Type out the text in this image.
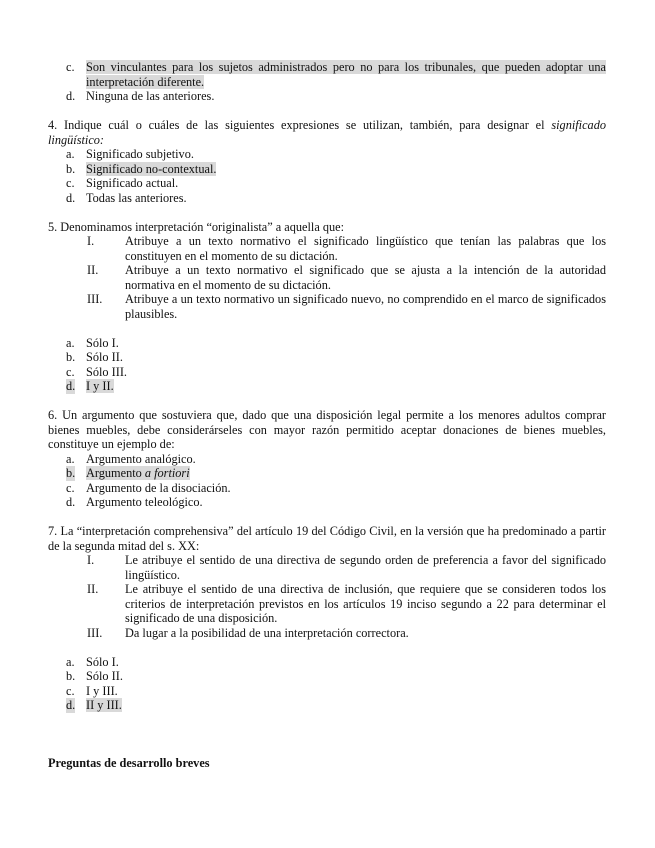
c. Son vinculantes para los sujetos administrados pero no para los tribunales, que pueden adoptar una interpretación diferente.
d. Ninguna de las anteriores.
4. Indique cuál o cuáles de las siguientes expresiones se utilizan, también, para designar el significado lingüístico:
a. Significado subjetivo.
b. Significado no-contextual.
c. Significado actual.
d. Todas las anteriores.
5. Denominamos interpretación “originalista” a aquella que:
I.	Atribuye a un texto normativo el significado lingüístico que tenían las palabras que los constituyen en el momento de su dictación.
II. Atribuye a un texto normativo el significado que se ajusta a la intención de la autoridad normativa en el momento de su dictación.
III. Atribuye a un texto normativo un significado nuevo, no comprendido en el marco de significados plausibles.
a. Sólo I.
b. Sólo II.
c. Sólo III.
d. I y II.
6. Un argumento que sostuviera que, dado que una disposición legal permite a los menores adultos comprar bienes muebles, debe considerárseles con mayor razón permitido aceptar donaciones de bienes muebles, constituye un ejemplo de:
a. Argumento analógico.
b. Argumento a fortiori
c. Argumento de la disociación.
d. Argumento teleológico.
7. La “interpretación comprehensiva” del artículo 19 del Código Civil, en la versión que ha predominado a partir de la segunda mitad del s. XX:
I.	Le atribuye el sentido de una directiva de segundo orden de preferencia a favor del significado lingüístico.
II. Le atribuye el sentido de una directiva de inclusión, que requiere que se consideren todos los criterios de interpretación previstos en los artículos 19 inciso segundo a 22 para determinar el significado de una disposición.
III. Da lugar a la posibilidad de una interpretación correctora.
a. Sólo I.
b. Sólo II.
c. I y III.
d. II y III.
Preguntas de desarrollo breves
